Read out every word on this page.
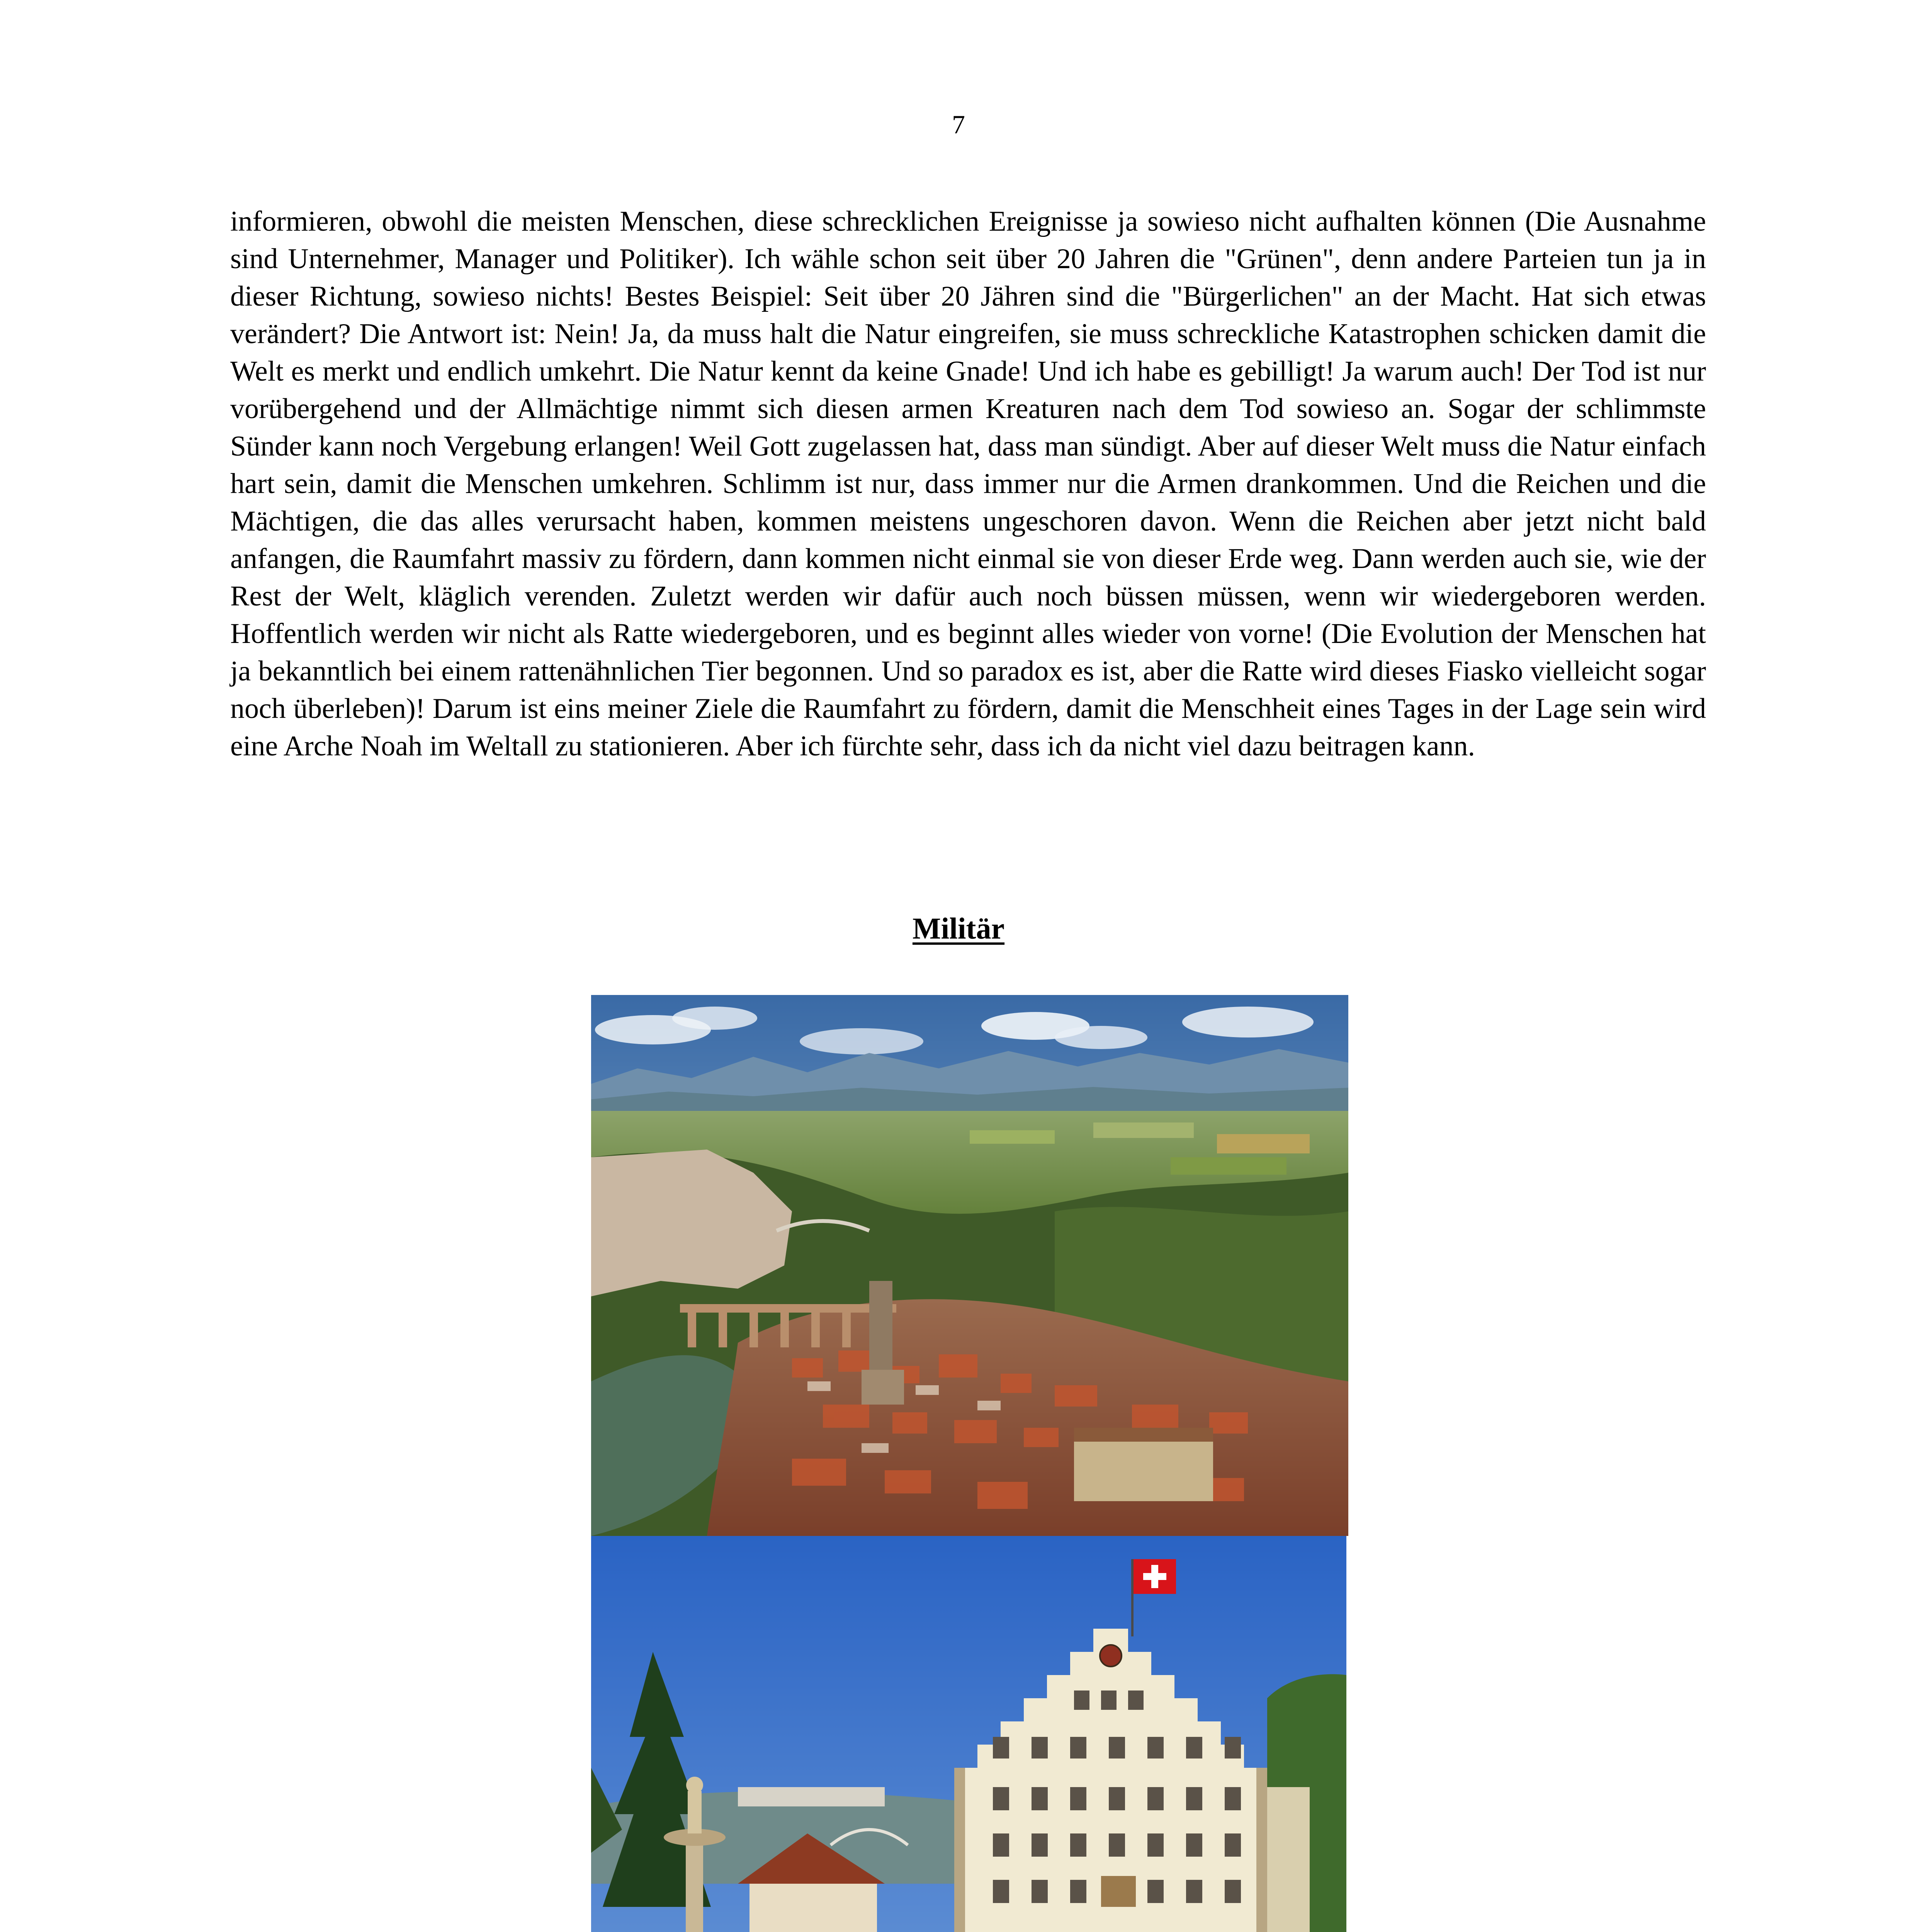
7

informieren, obwohl die meisten Menschen, diese schrecklichen Ereignisse ja sowieso nicht aufhalten können (Die Ausnahme sind Unternehmer, Manager und Politiker). Ich wähle schon seit über 20 Jahren die "Grünen", denn andere Parteien tun ja in dieser Richtung, sowieso nichts! Bestes Beispiel: Seit über 20 Jähren sind die "Bürgerlichen" an der Macht. Hat sich etwas verändert? Die Antwort ist: Nein! Ja, da muss halt die Natur eingreifen, sie muss schreckliche Katastrophen schicken damit die Welt es merkt und endlich umkehrt. Die Natur kennt da keine Gnade! Und ich habe es gebilligt! Ja warum auch! Der Tod ist nur vorübergehend und der Allmächtige nimmt sich diesen armen Kreaturen nach dem Tod sowieso an. Sogar der schlimmste Sünder kann noch Vergebung erlangen! Weil Gott zugelassen hat, dass man sündigt. Aber auf dieser Welt muss die Natur einfach hart sein, damit die Menschen umkehren. Schlimm ist nur, dass immer nur die Armen drankommen. Und die Reichen und die Mächtigen, die das alles verursacht haben, kommen meistens ungeschoren davon. Wenn die Reichen aber jetzt nicht bald anfangen, die Raumfahrt massiv zu fördern, dann kommen nicht einmal sie von dieser Erde weg. Dann werden auch sie, wie der Rest der Welt, kläglich verenden. Zuletzt werden wir dafür auch noch büssen müssen, wenn wir wiedergeboren werden. Hoffentlich werden wir nicht als Ratte wiedergeboren, und es beginnt alles wieder von vorne! (Die Evolution der Menschen hat ja bekanntlich bei einem rattenähnlichen Tier begonnen. Und so paradox es ist, aber die Ratte wird dieses Fiasko vielleicht sogar noch überleben)! Darum ist eins meiner Ziele die Raumfahrt zu fördern, damit die Menschheit eines Tages in der Lage sein wird eine Arche Noah im Weltall zu stationieren. Aber ich fürchte sehr, dass ich da nicht viel dazu beitragen kann.

Militär
